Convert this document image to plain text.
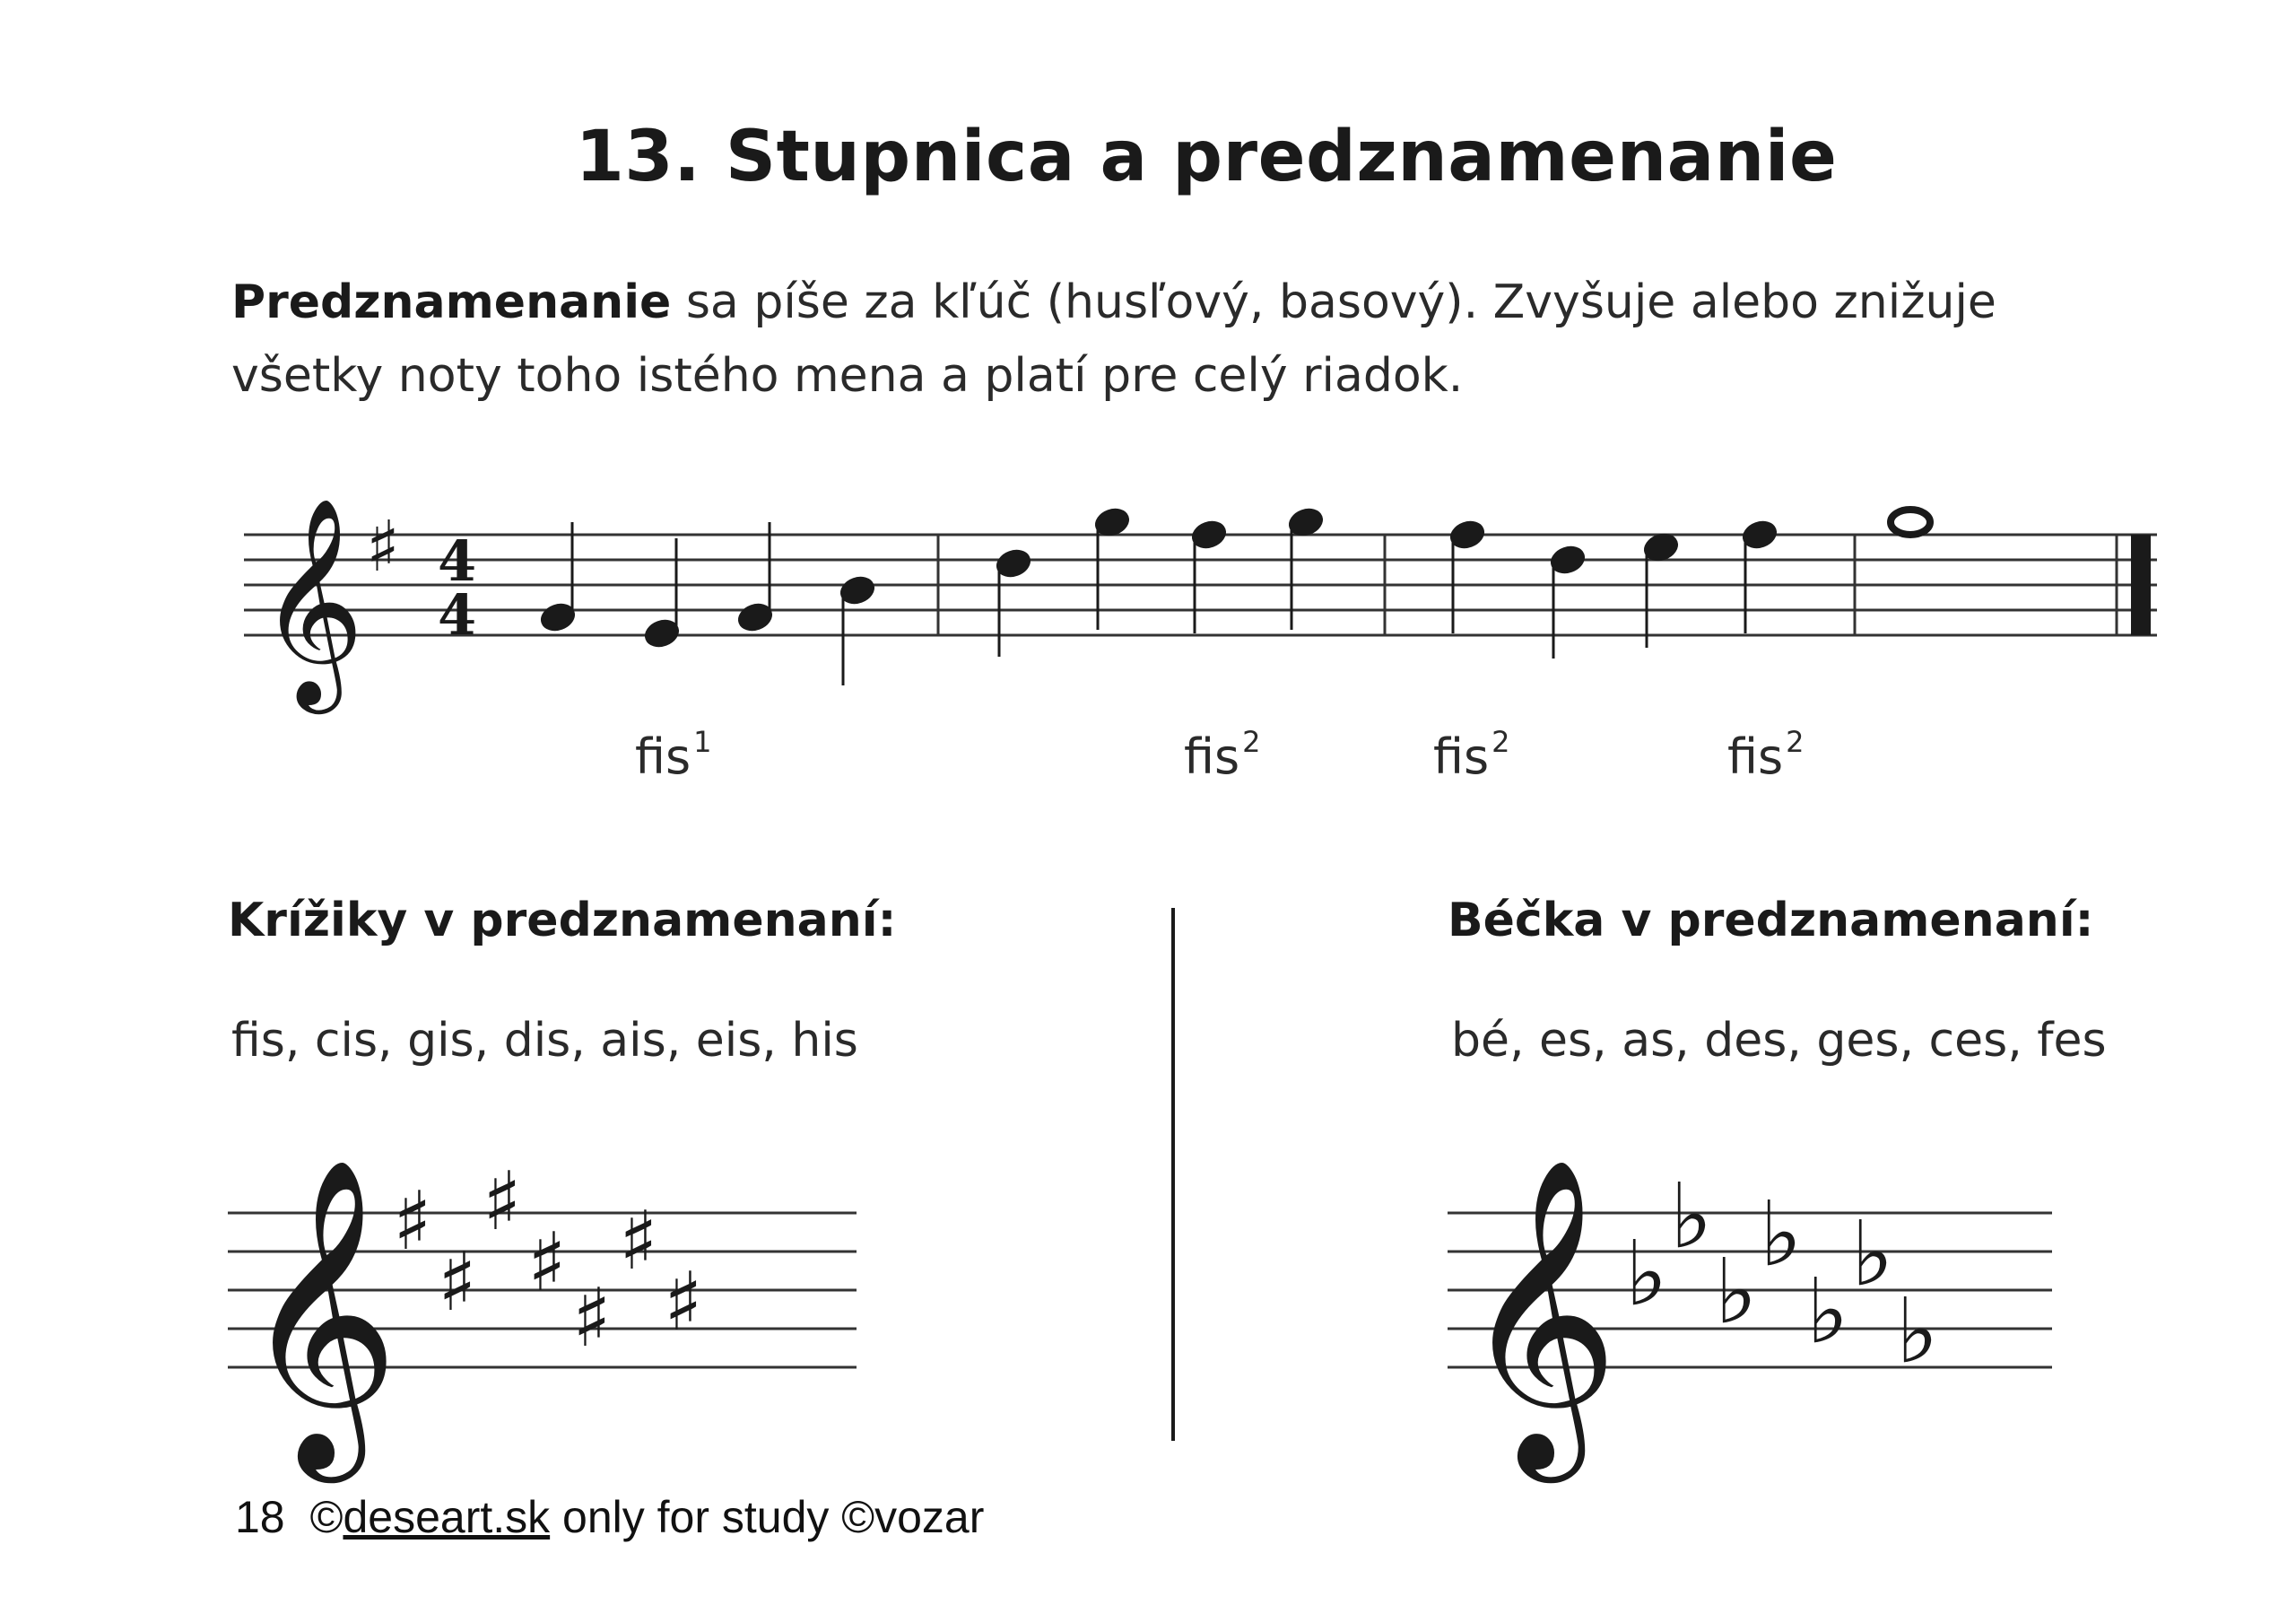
13. Stupnica a predznamenanie
Predznamenanie sa píše za kľúč (husľový, basový). Zvyšuje alebo znižuje
všetky noty toho istého mena a platí pre celý riadok.
𝄞 ♯ 4
4
𝄞
♯
♯
♯
♯
♯
♯
♯	𝄞 ♭
♭
♭
♭
♭
♭
♭
fis$^1$	fis$^2$	fis$^2$	fis$^2$
Krížiky v predznamenaní:
fis, cis, gis, dis, ais, eis, his
Béčka v predznamenaní:
bé, es, as, des, ges, ces, fes
18 ©deseart.sk only for study ©vozar
